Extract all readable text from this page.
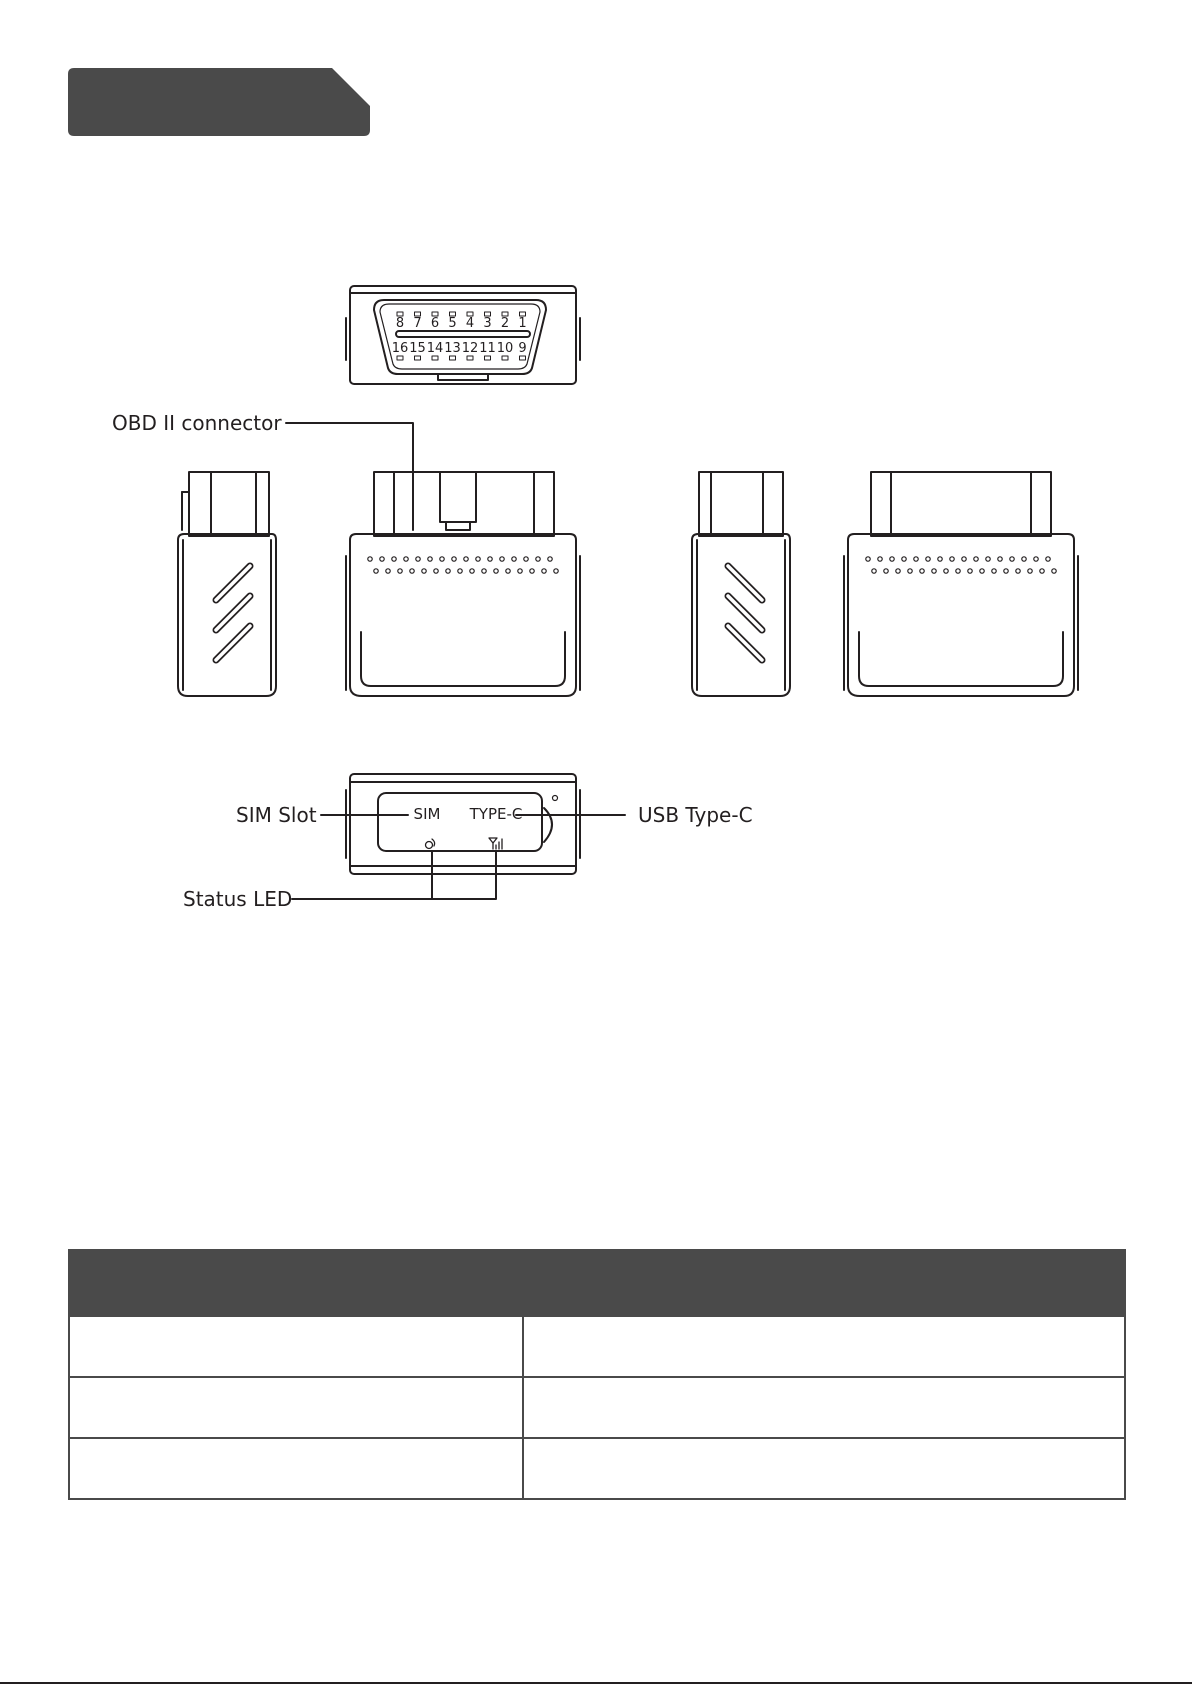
8 7 6 5 4 3 2 1
16 15 14 13 12 11 10 9
SIM TYPE-C
OBD II connector
SIM Slot	USB Type-C
Status LED
